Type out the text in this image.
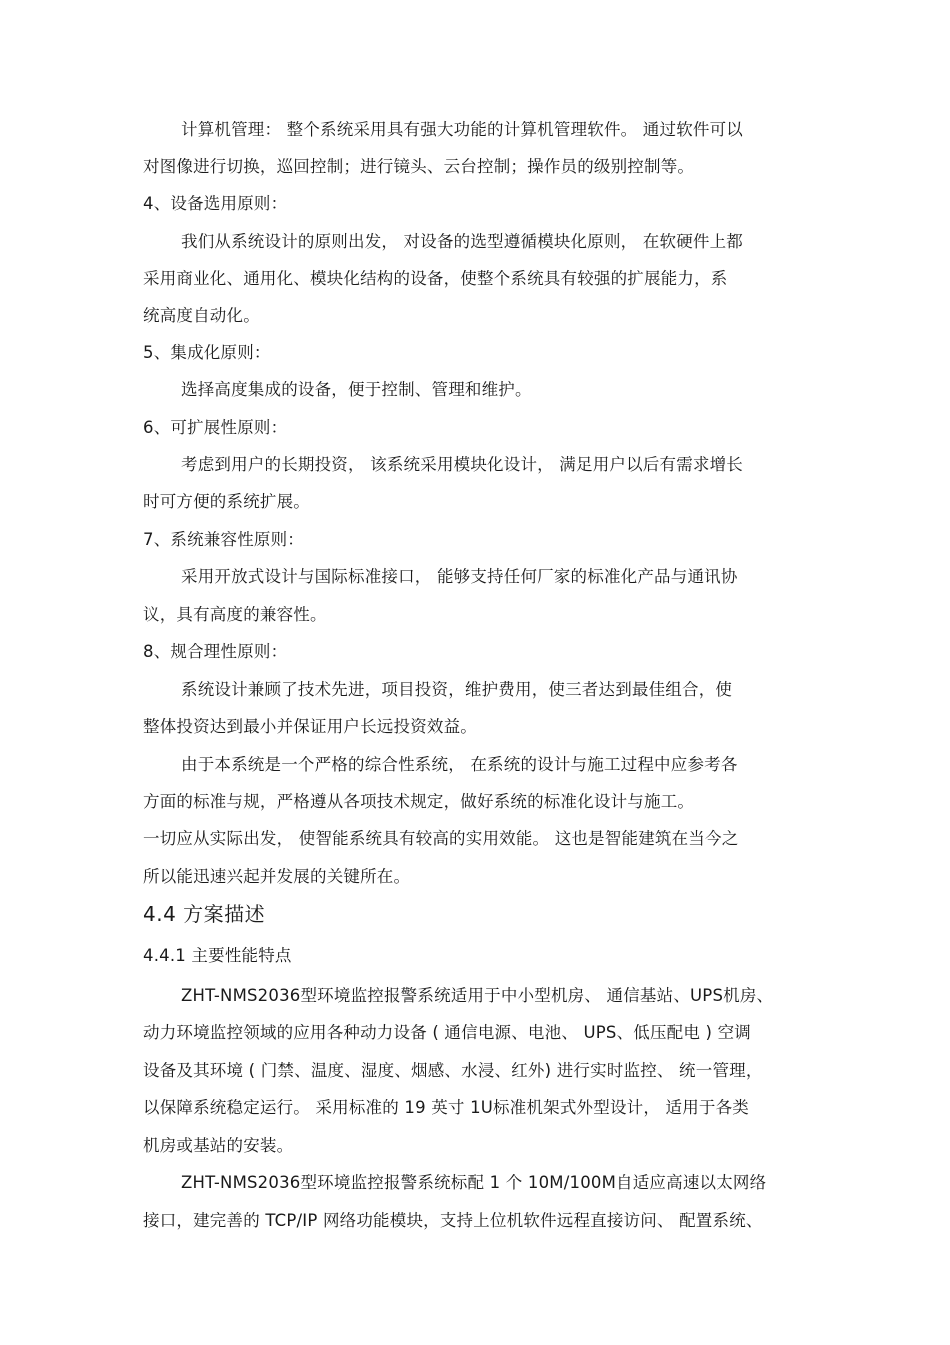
计算机管理： 整个系统采用具有强大功能的计算机管理软件。 通过软件可以
对图像进行切换，巡回控制；进行镜头、云台控制；操作员的级别控制等。
4、设备选用原则：
我们从系统设计的原则出发， 对设备的选型遵循模块化原则， 在软硬件上都
采用商业化、通用化、模块化结构的设备，使整个系统具有较强的扩展能力，系
统高度自动化。
5、集成化原则：
选择高度集成的设备，便于控制、管理和维护。
6、可扩展性原则：
考虑到用户的长期投资， 该系统采用模块化设计， 满足用户以后有需求增长
时可方便的系统扩展。
7、系统兼容性原则：
采用开放式设计与国际标准接口， 能够支持任何厂家的标准化产品与通讯协
议，具有高度的兼容性。
8、规合理性原则：
系统设计兼顾了技术先进，项目投资，维护费用，使三者达到最佳组合，使
整体投资达到最小并保证用户长远投资效益。
由于本系统是一个严格的综合性系统， 在系统的设计与施工过程中应参考各
方面的标准与规，严格遵从各项技术规定，做好系统的标准化设计与施工。
一切应从实际出发， 使智能系统具有较高的实用效能。 这也是智能建筑在当今之
所以能迅速兴起并发展的关键所在。
4.4 方案描述
4.4.1 主要性能特点
ZHT-NMS2036型环境监控报警系统适用于中小型机房、 通信基站、UPS机房、
动力环境监控领域的应用各种动力设备 ( 通信电源、电池、 UPS、低压配电 ) 空调
设备及其环境 ( 门禁、温度、湿度、烟感、水浸、红外) 进行实时监控、 统一管理，
以保障系统稳定运行。 采用标准的 19 英寸 1U标准机架式外型设计， 适用于各类
机房或基站的安装。
ZHT-NMS2036型环境监控报警系统标配 1 个 10M/100M自适应高速以太网络
接口，建完善的 TCP/IP 网络功能模块，支持上位机软件远程直接访问、 配置系统、
